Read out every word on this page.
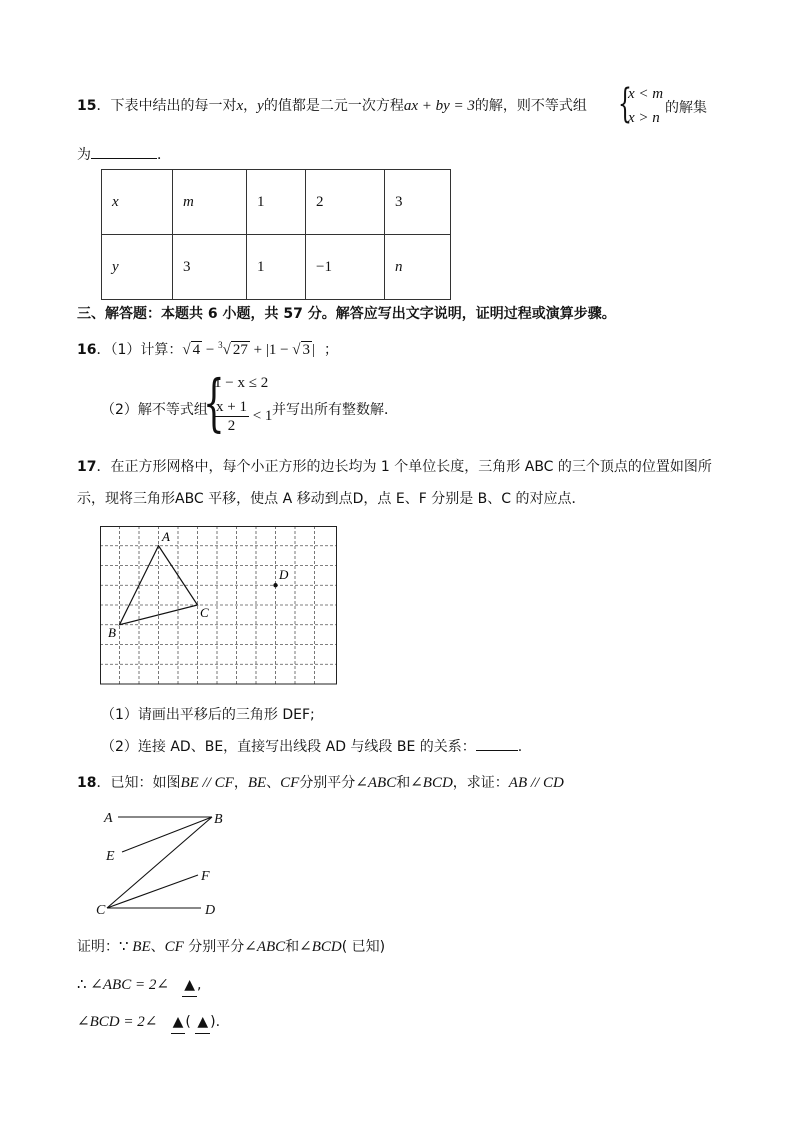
15．下表中结出的每一对x，y的值都是二元一次方程ax + by = 3的解，则不等式组 {
x < m
x > n
的解集
为	．
x	m	1	2	3
y	3	1	−1	n
三、解答题：本题共 6 小题，共 57 分。解答应写出文字说明，证明过程或演算步骤。
16．（1）计算：√ 4 − $^3$√ 27 + |1 − √ 3 | ；
（2）解不等式组
{
1 − x ≤ 2
$\frac{x + 1}{2} < 1$ 并写出所有整数解．
17．在正方形网格中，每个小正方形的边长均为 1 个单位长度，三角形 ABC 的三个顶点的位置如图所
示，现将三角形ABC 平移，使点 A 移动到点D，点 E、F 分别是 B、C 的对应点．
A
B
C
D
（1）请画出平移后的三角形 DEF;
（2）连接 AD、BE，直接写出线段 AD 与线段 BE 的关系：	.
18．已知：如图BE // CF，BE、CF分别平分∠ABC和∠BCD，求证：AB // CD
A	B
E
F
C	D
证明：∵ BE、CF 分别平分∠ABC和∠BCD( 已知)
∴ ∠ABC = 2∠ ▲ ,
∠BCD = 2∠ ▲ ( ▲ ).
